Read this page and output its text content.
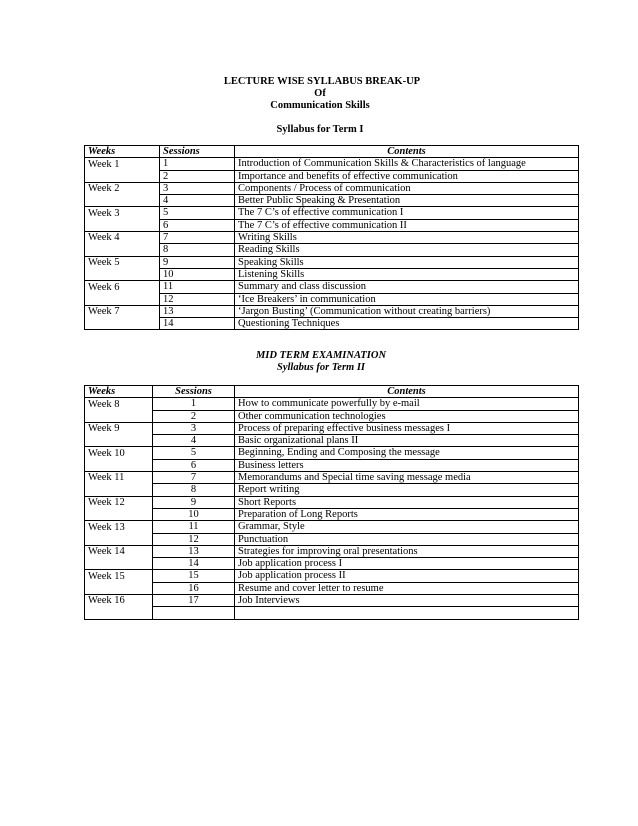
LECTURE WISE SYLLABUS BREAK-UP
Of
Communication Skills
Syllabus for Term I
Weeks	Sessions	Contents
Week 1	1	Introduction of Communication Skills & Characteristics of language
	2	Importance and benefits of effective communication
Week 2	3	Components / Process of communication
	4	Better Public Speaking & Presentation
Week 3	5	The 7 C’s of effective communication I
	6	The 7 C’s of effective communication II
Week 4	7	Writing Skills
	8	Reading Skills
Week 5	9	Speaking Skills
	10	Listening Skills
Week 6	11	Summary and class discussion
	12	‘Ice Breakers’ in communication
Week 7	13	‘Jargon Busting’ (Communication without creating barriers)
	14	Questioning Techniques
MID TERM EXAMINATION
Syllabus for Term II
Weeks	Sessions	Contents
Week 8	1	How to communicate powerfully by e-mail
	2	Other communication technologies
Week 9	3	Process of preparing effective business messages I
	4	Basic organizational plans II
Week 10	5	Beginning, Ending and Composing the message
	6	Business letters
Week 11	7	Memorandums and Special time saving message media
	8	Report writing
Week 12	9	Short Reports
	10	Preparation of Long Reports
Week 13	11	Grammar, Style
	12	Punctuation
Week 14	13	Strategies for improving oral presentations
	14	Job application process I
Week 15	15	Job application process II
	16	Resume and cover letter to resume
Week 16	17	Job Interviews
